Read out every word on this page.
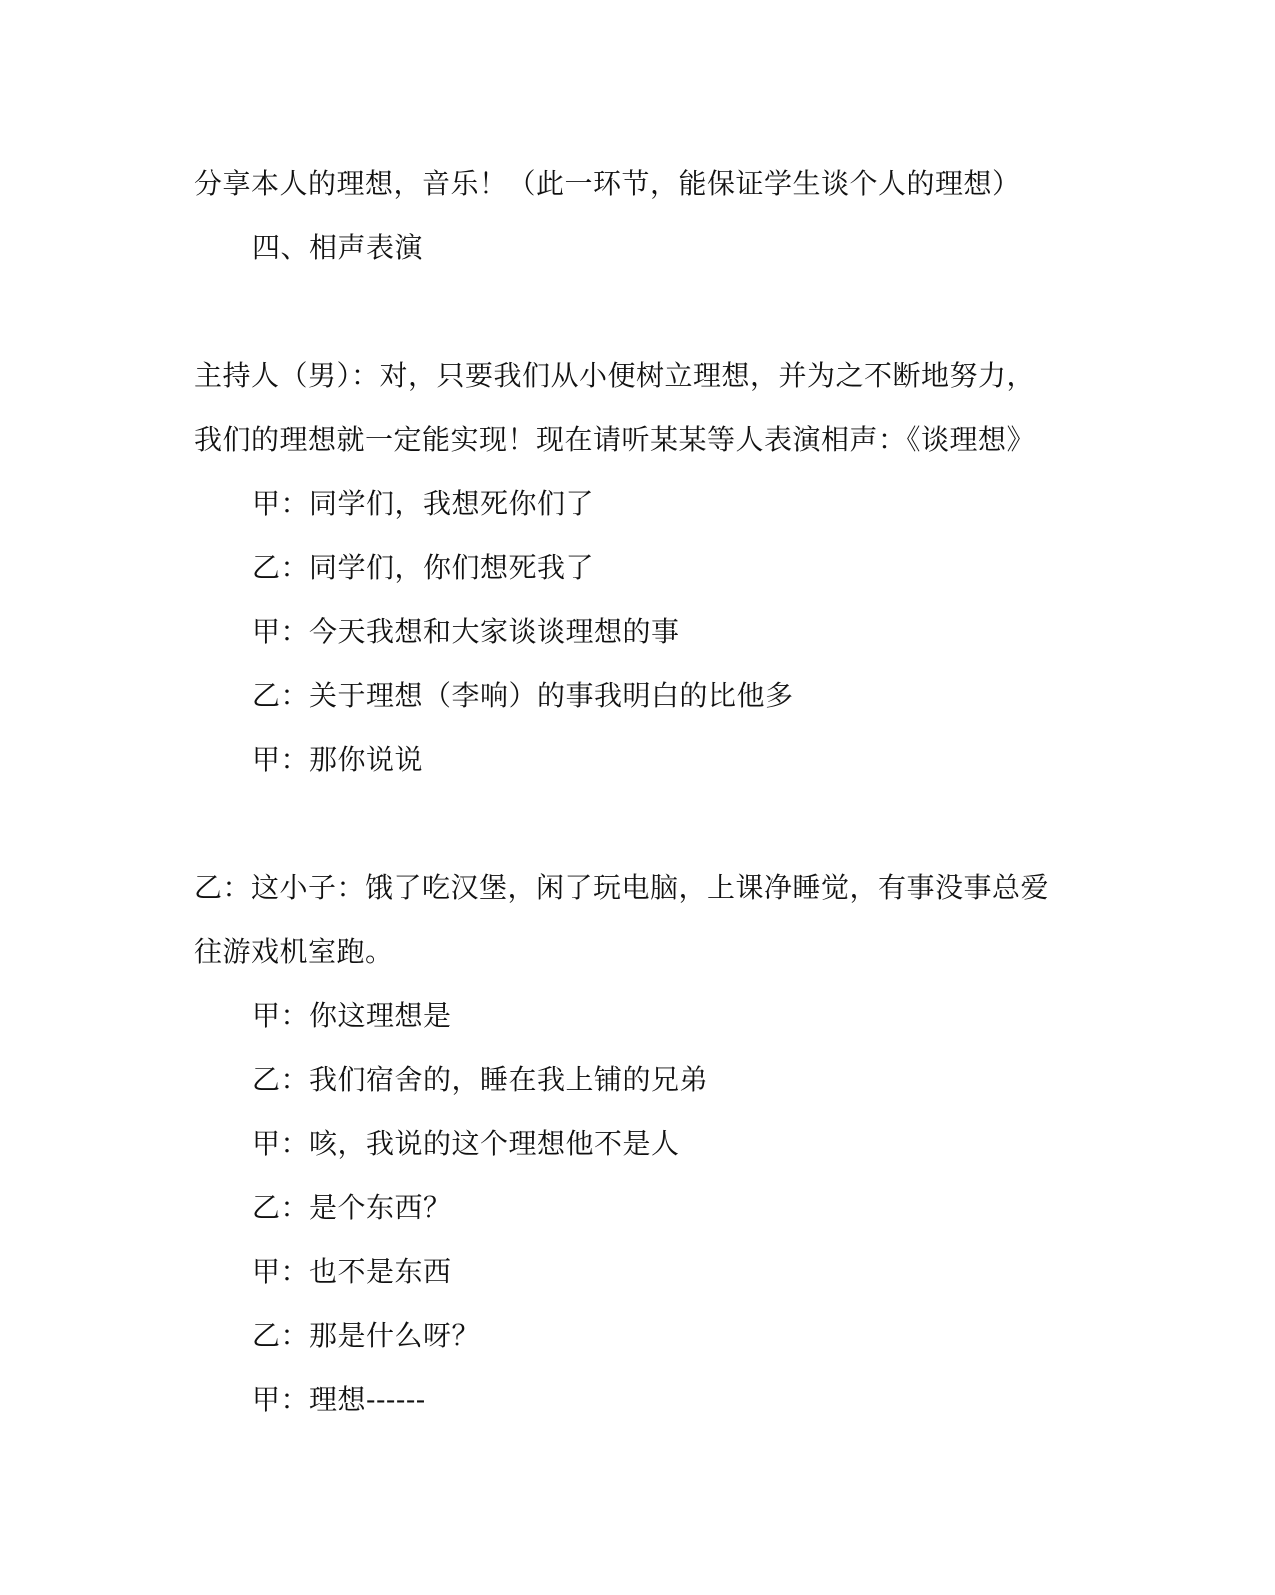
分享本人的理想，音乐！（此一环节，能保证学生谈个人的理想）
四、相声表演
主持人（男）：对，只要我们从小便树立理想，并为之不断地努力，
我们的理想就一定能实现！现在请听某某等人表演相声：《谈理想》
甲：同学们，我想死你们了
乙：同学们，你们想死我了
甲：今天我想和大家谈谈理想的事
乙：关于理想（李响）的事我明白的比他多
甲：那你说说
乙：这小子：饿了吃汉堡，闲了玩电脑，上课净睡觉，有事没事总爱
往游戏机室跑。
甲：你这理想是
乙：我们宿舍的，睡在我上铺的兄弟
甲：咳，我说的这个理想他不是人
乙：是个东西？
甲：也不是东西
乙：那是什么呀？
甲：理想------
